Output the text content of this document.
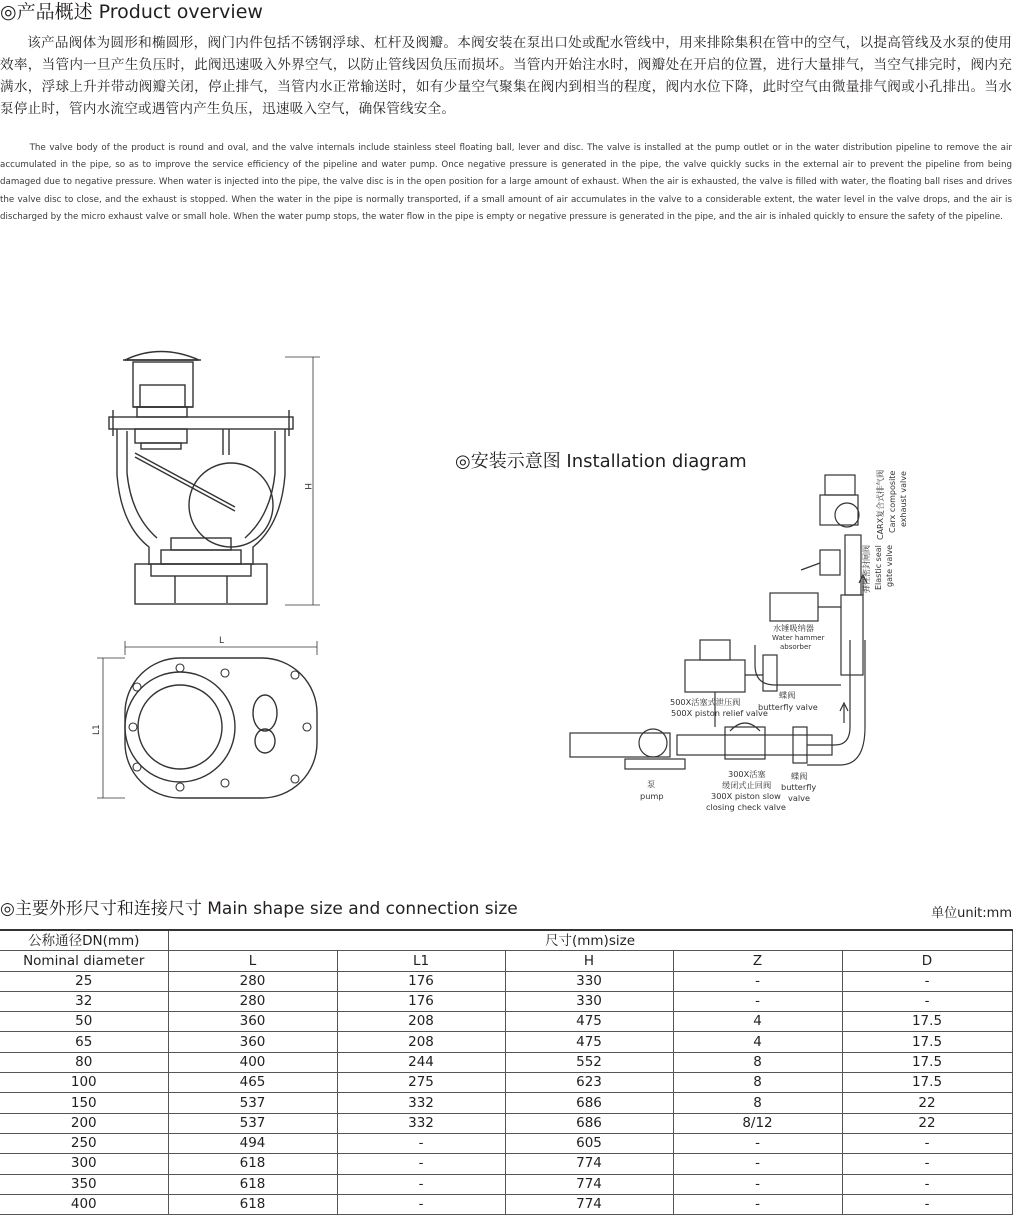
◎产品概述 Product overview
该产品阀体为圆形和椭圆形，阀门内件包括不锈钢浮球、杠杆及阀瓣。本阀安装在泵出口处或配水管线中，用来排除集积在管中的空气，以提高管线及水泵的使用效率，当管内一旦产生负压时，此阀迅速吸入外界空气，以防止管线因负压而损坏。当管内开始注水时，阀瓣处在开启的位置，进行大量排气，当空气排完时，阀内充满水，浮球上升并带动阀瓣关闭，停止排气，当管内水正常输送时，如有少量空气聚集在阀内到相当的程度，阀内水位下降，此时空气由微量排气阀或小孔排出。当水泵停止时，管内水流空或遇管内产生负压，迅速吸入空气，确保管线安全。
The valve body of the product is round and oval, and the valve internals include stainless steel floating ball, lever and disc. The valve is installed at the pump outlet or in the water distribution pipeline to remove the air accumulated in the pipe, so as to improve the service efficiency of the pipeline and water pump. Once negative pressure is generated in the pipe, the valve quickly sucks in the external air to prevent the pipeline from being damaged due to negative pressure. When water is injected into the pipe, the valve disc is in the open position for a large amount of exhaust. When the air is exhausted, the valve is filled with water, the floating ball rises and drives the valve disc to close, and the exhaust is stopped. When the water in the pipe is normally transported, if a small amount of air accumulates in the valve to a considerable extent, the water level in the valve drops, and the air is discharged by the micro exhaust valve or small hole. When the water pump stops, the water flow in the pipe is empty or negative pressure is generated in the pipe, and the air is inhaled quickly to ensure the safety of the pipeline.
H
L
L1
◎安装示意图 Installation diagram
水锤吸纳器
Water hammer
absorber
500X活塞式泄压阀
500X piston relief valve
蝶阀
butterfly valve
泵
pump
300X活塞
缓闭式止回阀
300X piston slow
closing check valve
蝶阀
butterfly
valve
CARX复合式排气阀 Carx composite exhaust valve
弹性密封闸阀 Elastic seal gate valve
◎主要外形尺寸和连接尺寸 Main shape size and connection size	单位unit:mm
公称通径DN(mm)	尺寸(mm)size				
Nominal diameter	L	L1	H	Z	D
25	280	176	330	-	-
32	280	176	330	-	-
50	360	208	475	4	17.5
65	360	208	475	4	17.5
80	400	244	552	8	17.5
100	465	275	623	8	17.5
150	537	332	686	8	22
200	537	332	686	8/12	22
250	494	-	605	-	-
300	618	-	774	-	-
350	618	-	774	-	-
400	618	-	774	-	-
